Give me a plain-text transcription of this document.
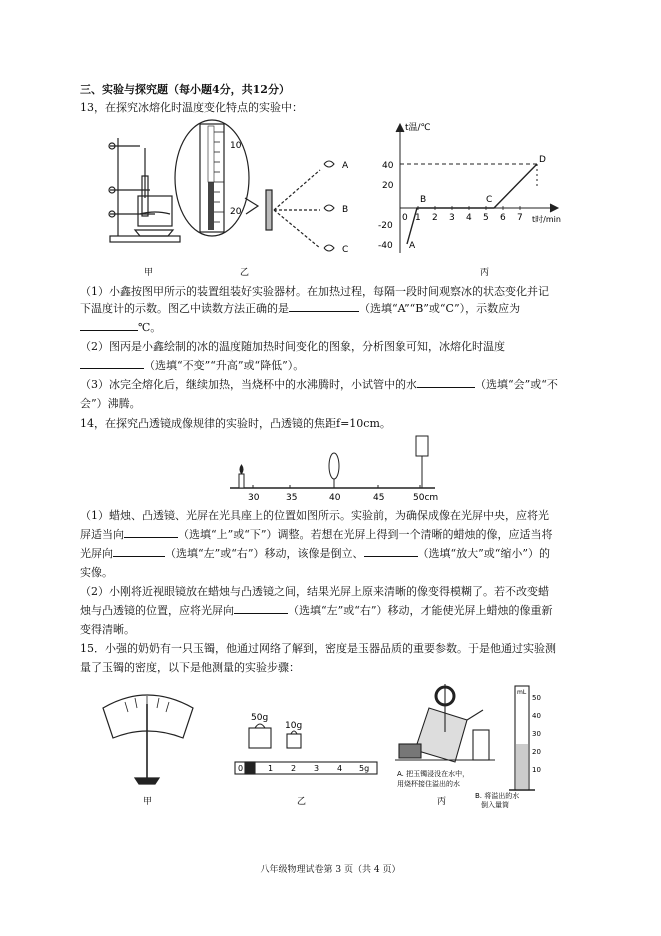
三、实验与探究题（每小题4分，共12分）
13，在探究冰熔化时温度变化特点的实验中：
10
20
A
B
C
t温/℃
t时/min
40
20
-20
-40
0 1 2 3 4 5 6 7
A
B	C
D
甲	乙	丙
（1）小鑫按图甲所示的装置组装好实验器材。在加热过程，每隔一段时间观察冰的状态变化并记
下温度计的示数。图乙中读数方法正确的是	（选填“A”“B”或“C”），示数应为
℃。
（2）图丙是小鑫绘制的冰的温度随加热时间变化的图象，分析图象可知，冰熔化时温度
（选填“不变”“升高”或“降低”）。
（3）冰完全熔化后，继续加热，当烧杯中的水沸腾时，小试管中的水	（选填“会”或“不
会”）沸腾。
14，在探究凸透镜成像规律的实验时，凸透镜的焦距f=10cm。
30	35	40	45	50cm
（1）蜡烛、凸透镜、光屏在光具座上的位置如图所示。实验前，为确保成像在光屏中央，应将光
屏适当向	（选填“上”或“下”）调整。若想在光屏上得到一个清晰的蜡烛的像，应适当将
光屏向	（选填“左”或“右”）移动，该像是倒立、	（选填“放大”或“缩小”）的
实像。
（2）小刚将近视眼镜放在蜡烛与凸透镜之间，结果光屏上原来清晰的像变得模糊了。若不改变蜡
烛与凸透镜的位置，应将光屏向	（选填“左”或“右”）移动，才能使光屏上蜡烛的像重新
变得清晰。
15．小强的奶奶有一只玉镯，他通过网络了解到，密度是玉器品质的重要参数。于是他通过实验测
量了玉镯的密度，以下是他测量的实验步骤：
50g
10g
0	1 2 3 4 5g
mL
50
40
30
20
10
A. 把玉镯浸没在水中，
用烧杯接住溢出的水
B. 将溢出的水
倒入量筒
甲	乙	丙
八年级物理试卷第 3 页（共 4 页）
